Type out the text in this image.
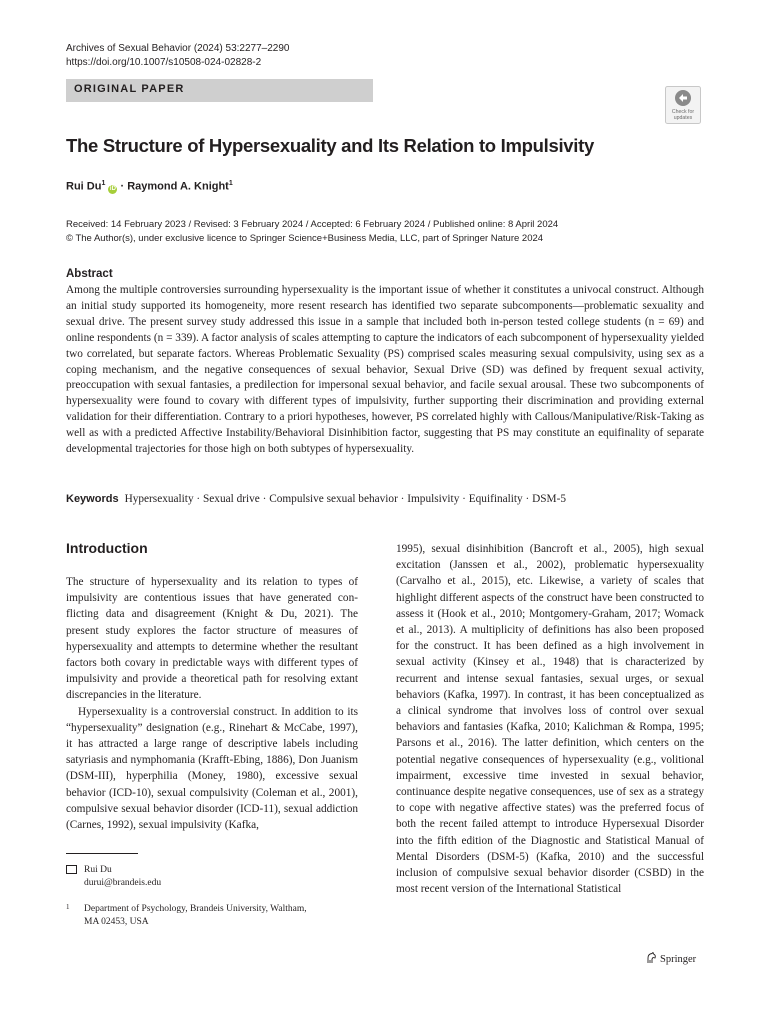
Archives of Sexual Behavior (2024) 53:2277–2290
https://doi.org/10.1007/s10508-024-02828-2
ORIGINAL PAPER
Check for
updates
The Structure of Hypersexuality and Its Relation to Impulsivity
Rui Du$^1$ iD · Raymond A. Knight$^1$
Received: 14 February 2023 / Revised: 3 February 2024 / Accepted: 6 February 2024 / Published online: 8 April 2024
© The Author(s), under exclusive licence to Springer Science+Business Media, LLC, part of Springer Nature 2024
Abstract
Among the multiple controversies surrounding hypersexuality is the important issue of whether it constitutes a univocal construct. Although an initial study supported its homogeneity, more resent research has identified two separate subcomponents—problematic sexuality and sexual drive. The present survey study addressed this issue in a sample that included both in-person tested college students (n = 69) and online respondents (n = 339). A factor analysis of scales attempting to capture the indicators of each subcomponent of hypersexuality yielded two correlated, but separate factors. Whereas Problematic Sexuality (PS) comprised scales measuring sexual compulsivity, using sex as a coping mechanism, and the negative consequences of sexual behavior, Sexual Drive (SD) was defined by frequent sexual activity, preoccupation with sexual fantasies, a predilection for impersonal sexual behavior, and facile sexual arousal. These two subcomponents of hypersexuality were found to covary with different types of impulsivity, further supporting their discrimination and providing external validation for their differentiation. Contrary to a priori hypotheses, however, PS correlated highly with Callous/Manipulative/Risk-Taking as well as with a predicted Affective Instability/Behavioral Disinhibition factor, suggesting that PS may constitute an equifinality of separate developmental trajectories for those high on both subtypes of hypersexuality.
Keywords Hypersexuality · Sexual drive · Compulsive sexual behavior · Impulsivity · Equifinality · DSM-5
Introduction

The structure of hypersexuality and its relation to types of impulsivity are contentious issues that have generated conflicting data and disagreement (Knight & Du, 2021). The present study explores the factor structure of measures of hypersexuality and attempts to determine whether the resultant factors both covary in predictable ways with different types of impulsivity and provide a theoretical path for resolving extant discrepancies in the literature.

Hypersexuality is a controversial construct. In addition to its “hypersexuality” designation (e.g., Rinehart & McCabe, 1997), it has attracted a large range of descriptive labels including satyriasis and nymphomania (Krafft-Ebing, 1886), Don Juanism (DSM-III), hyperphilia (Money, 1980), excessive sexual behavior (ICD-10), sexual compulsivity (Coleman et al., 2001), compulsive sexual behavior disorder (ICD-11), sexual addiction (Carnes, 1992), sexual impulsivity (Kafka,

1995), sexual disinhibition (Bancroft et al., 2005), high sexual excitation (Janssen et al., 2002), problematic hypersexuality (Carvalho et al., 2015), etc. Likewise, a variety of scales that highlight different aspects of the construct have been constructed to assess it (Hook et al., 2010; Montgomery-Graham, 2017; Womack et al., 2013). A multiplicity of definitions has also been proposed for the construct. It has been defined as a high involvement in sexual activity (Kinsey et al., 1948) that is characterized by recurrent and intense sexual fantasies, sexual urges, or sexual behaviors (Kafka, 1997). In contrast, it has been conceptualized as a clinical syndrome that involves loss of control over sexual behaviors and fantasies (Kafka, 2010; Kalichman & Rompa, 1995; Parsons et al., 2016). The latter definition, which centers on the potential negative consequences of hypersexuality (e.g., volitional impairment, excessive time invested in sexual behavior, continuance despite negative consequences, use of sex as a strategy to cope with negative affective states) was the preferred focus of both the recent failed attempt to introduce Hypersexual Disorder into the fifth edition of the Diagnostic and Statistical Manual of Mental Disorders (DSM-5) (Kafka, 2010) and the successful inclusion of compulsive sexual behavior disorder (CSBD) in the most recent version of the International Statistical

Rui Du
durui@brandeis.edu
1 Department of Psychology, Brandeis University, Waltham,
MA 02453, USA
Springer
